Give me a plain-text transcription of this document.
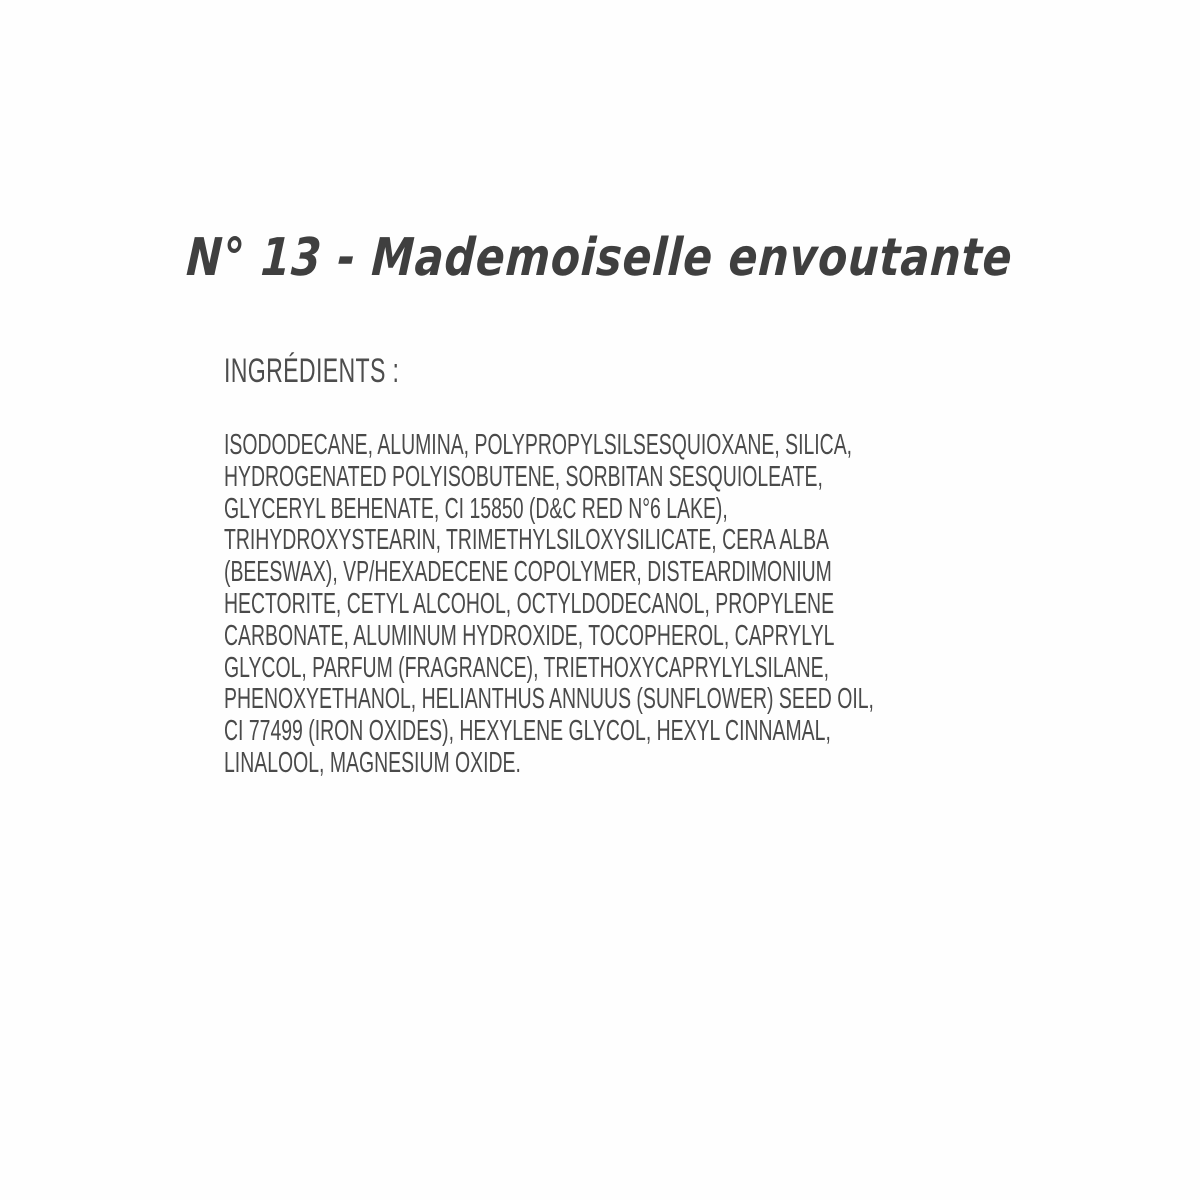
N° 13 - Mademoiselle envoutante
INGRÉDIENTS :
ISODODECANE, ALUMINA, POLYPROPYLSILSESQUIOXANE, SILICA,
HYDROGENATED POLYISOBUTENE, SORBITAN SESQUIOLEATE,
GLYCERYL BEHENATE, CI 15850 (D&C RED N°6 LAKE),
TRIHYDROXYSTEARIN, TRIMETHYLSILOXYSILICATE, CERA ALBA
(BEESWAX), VP/HEXADECENE COPOLYMER, DISTEARDIMONIUM
HECTORITE, CETYL ALCOHOL, OCTYLDODECANOL, PROPYLENE
CARBONATE, ALUMINUM HYDROXIDE, TOCOPHEROL, CAPRYLYL
GLYCOL, PARFUM (FRAGRANCE), TRIETHOXYCAPRYLYLSILANE,
PHENOXYETHANOL, HELIANTHUS ANNUUS (SUNFLOWER) SEED OIL,
CI 77499 (IRON OXIDES), HEXYLENE GLYCOL, HEXYL CINNAMAL,
LINALOOL, MAGNESIUM OXIDE.
